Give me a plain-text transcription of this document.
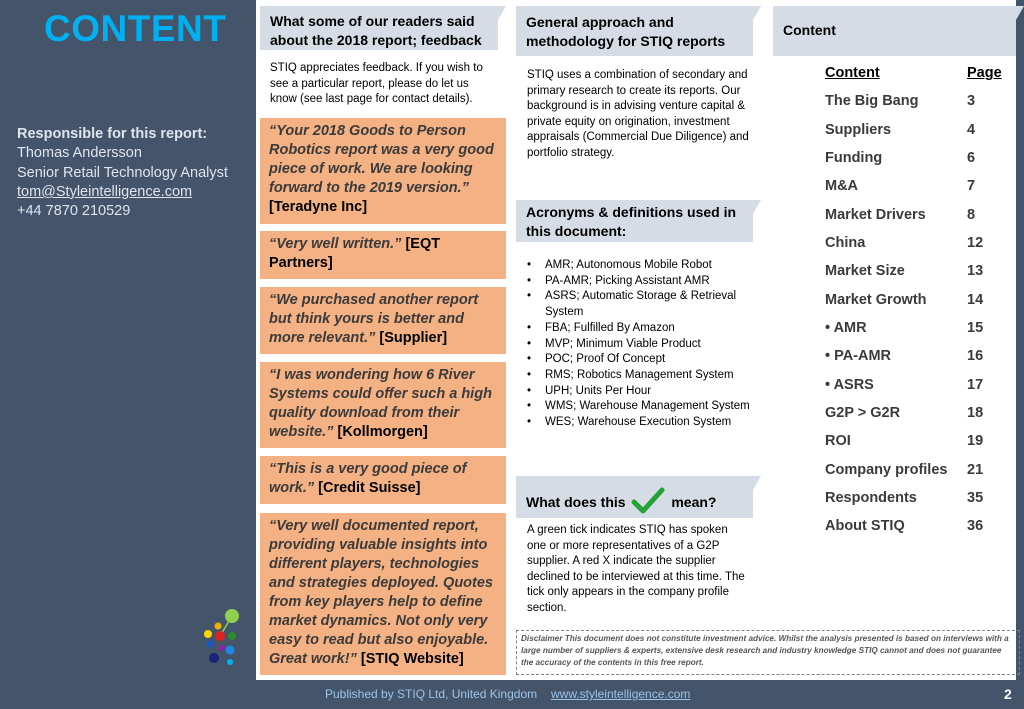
CONTENT
Responsible for this report:
Thomas Andersson
Senior Retail Technology Analyst
tom@Styleintelligence.com
+44 7870 210529
What some of our readers said about the 2018 report; feedback
STIQ appreciates feedback. If you wish to see a particular report, please do let us know (see last page for contact details).
“Your 2018 Goods to Person Robotics report was a very good piece of work. We are looking forward to the 2019 version.” [Teradyne Inc]
“Very well written.” [EQT Partners]
“We purchased another report but think yours is better and more relevant.” [Supplier]
“I was wondering how 6 River Systems could offer such a high quality download from their website.” [Kollmorgen]
“This is a very good piece of work.” [Credit Suisse]
“Very well documented report, providing valuable insights into different players, technologies and strategies deployed. Quotes from key players help to define market dynamics. Not only very easy to read but also enjoyable. Great work!” [STIQ Website]
General approach and methodology for STIQ reports
STIQ uses a combination of secondary and primary research to create its reports. Our background is in advising venture capital & private equity on origination, investment appraisals (Commercial Due Diligence) and portfolio strategy.
Acronyms & definitions used in this document:
• AMR; Autonomous Mobile Robot
• PA-AMR; Picking Assistant AMR
• ASRS; Automatic Storage & Retrieval System
• FBA; Fulfilled By Amazon
• MVP; Minimum Viable Product
• POC; Proof Of Concept
• RMS; Robotics Management System
• UPH; Units Per Hour
• WMS; Warehouse Management System
• WES; Warehouse Execution System
What does this	mean?
A green tick indicates STIQ has spoken one or more representatives of a G2P supplier. A red X indicate the supplier declined to be interviewed at this time. The tick only appears in the company profile section.
Content
Content	Page
The Big Bang	3
Suppliers	4
Funding	6
M&A	7
Market Drivers	8
China	12
Market Size	13
Market Growth	14
• AMR	15
• PA-AMR	16
• ASRS	17
G2P > G2R	18
ROI	19
Company profiles 21
Respondents	35
About STIQ	36
Disclaimer This document does not constitute investment advice. Whilst the analysis presented is based on interviews with a large number of suppliers & experts, extensive desk research and industry knowledge STIQ cannot and does not guarantee the accuracy of the contents in this free report.
Published by STIQ Ltd, United Kingdom www.styleintelligence.com	2
